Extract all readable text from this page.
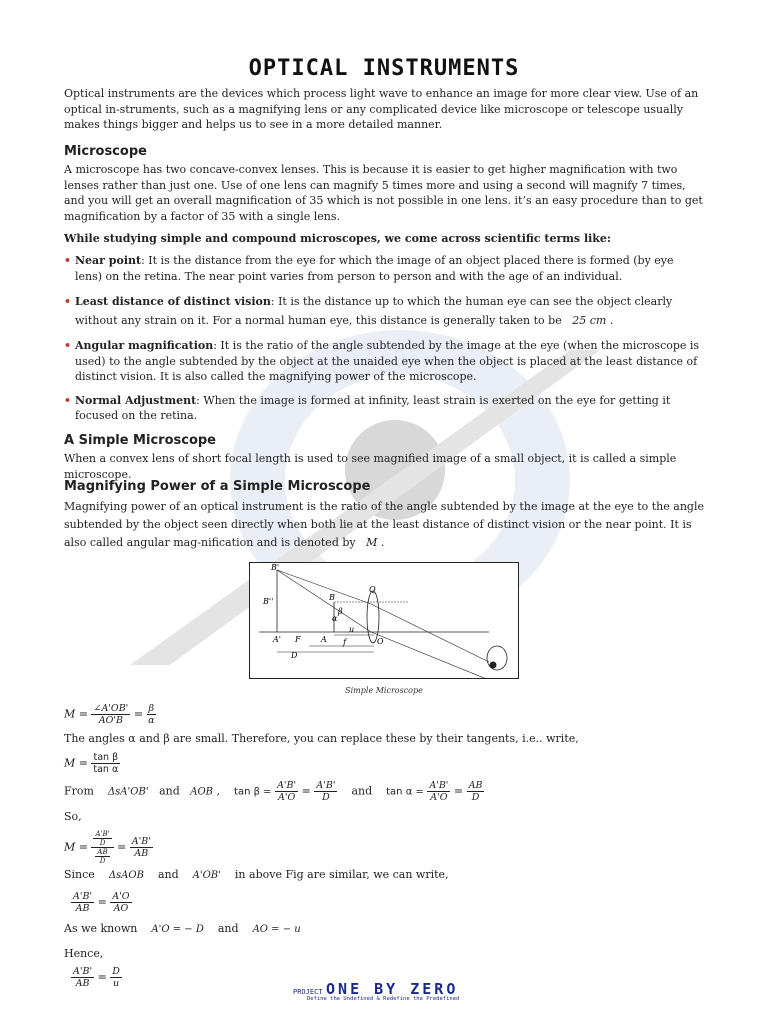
OPTICAL INSTRUMENTS

Optical instruments are the devices which process light wave to enhance an image for more clear view. Use of an optical in-struments, such as a magnifying lens or any complicated device like microscope or telescope usually makes things bigger and helps us to see in a more detailed manner.

Microscope

A microscope has two concave-convex lenses. This is because it is easier to get higher magnification with two lenses rather than just one. Use of one lens can magnify 5 times more and using a second will magnify 7 times, and you will get an overall magnification of 35 which is not possible in one lens. it’s an easy procedure than to get magnification by a factor of 35 with a single lens.

While studying simple and compound microscopes, we come across scientific terms like:

• Near point: It is the distance from the eye for which the image of an object placed there is formed (by eye lens) on the retina. The near point varies from person to person and with the age of an individual.
• Least distance of distinct vision: It is the distance up to which the human eye can see the object clearly without any strain on it. For a normal human eye, this distance is generally taken to be 25 cm .
• Angular magnification: It is the ratio of the angle subtended by the image at the eye (when the microscope is used) to the angle subtended by the object at the unaided eye when the object is placed at the least distance of distinct vision. It is also called the magnifying power of the microscope.
• Normal Adjustment: When the image is formed at infinity, least strain is exerted on the eye for getting it focused on the retina.
A Simple Microscope

When a convex lens of short focal length is used to see magnified image of a small object, it is called a simple microscope.

Magnifying Power of a Simple Microscope

Magnifying power of an optical instrument is the ratio of the angle subtended by the image at the eye to the angle subtended by the object seen directly when both lie at the least distance of distinct vision or the near point. It is also called angular mag-nification and is denoted by M .

B'
B''	B
Q
β
α
A' F	A
u
O
f
D
Simple Microscope
$M = \frac{\angle A'OB'}{AO'B} = \frac{\beta}{\alpha}$

The angles α and β are small. Therefore, you can replace these by their tangents, i.e.. write,

$M = \frac{\text{tan β}}{\text{tan α}}$
From ΔsA'OB' and AOB , $\tan \beta = \frac{A'B'}{A'O} = \frac{A'B'}{D}$ and $\tan \alpha = \frac{A'B'}{A'O} = \frac{AB}{D}$

So,

$M = \frac{\frac{A'B'}{D}}{\frac{AB}{D}} = \frac{A'B'}{AB}$
Since ΔsAOB and A'OB' in above Fig are similar, we can write,

$\frac{A'B'}{AB} = \frac{A'O}{AO}$
As we known A'O = − D and AO = − u

Hence,

$\frac{A'B'}{AB} = \frac{D}{u}$
PROJECT ONE BY ZERO
Define the Undefined & Redefine the Predefined
